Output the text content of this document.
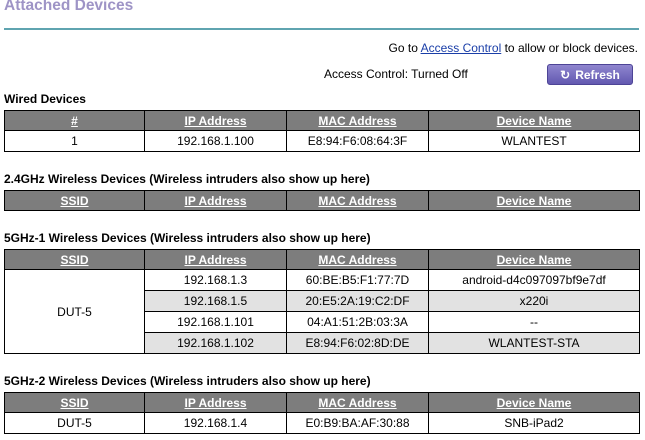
Attached Devices
Go to Access Control to allow or block devices.
Access Control: Turned Off	↻ Refresh
Wired Devices
#	IP Address	MAC Address	Device Name
1	192.168.1.100	E8:94:F6:08:64:3F	WLANTEST
2.4GHz Wireless Devices (Wireless intruders also show up here)
SSID	IP Address	MAC Address	Device Name
5GHz-1 Wireless Devices (Wireless intruders also show up here)
SSID	IP Address	MAC Address	Device Name
DUT-5	192.168.1.3	60:BE:B5:F1:77:7D	android-d4c097097bf9e7df
	192.168.1.5	20:E5:2A:19:C2:DF	x220i
	192.168.1.101	04:A1:51:2B:03:3A	--
	192.168.1.102	E8:94:F6:02:8D:DE	WLANTEST-STA
5GHz-2 Wireless Devices (Wireless intruders also show up here)
SSID	IP Address	MAC Address	Device Name
DUT-5	192.168.1.4	E0:B9:BA:AF:30:88	SNB-iPad2
